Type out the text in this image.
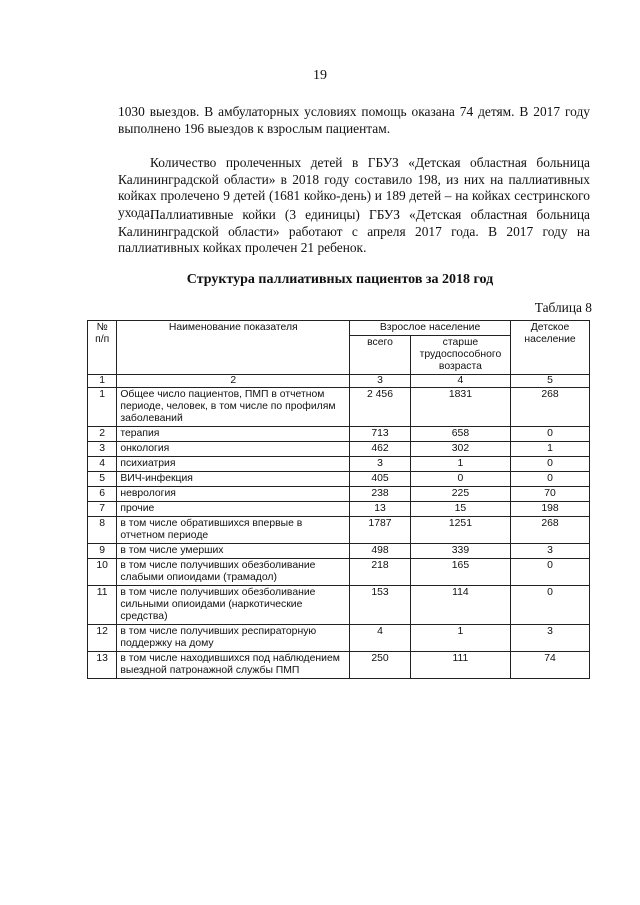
19

1030 выездов. В амбулаторных условиях помощь оказана 74 детям. В 2017 году выполнено 196 выездов к взрослым пациентам.

Количество пролеченных детей в ГБУЗ «Детская областная больница Калининградской области» в 2018 году составило 198, из них на паллиативных койках пролечено 9 детей (1681 койко-день) и 189 детей – на койках сестринского ухода.

Паллиативные койки (3 единицы) ГБУЗ «Детская областная больница Калининградской области» работают с апреля 2017 года. В 2017 году на паллиативных койках пролечен 21 ребенок.

Структура паллиативных пациентов за 2018 год
Таблица 8
№ п/п	Наименование показателя	Взрослое население		Детское население
		всего	старше трудоспособного возраста	
1	2	3	4	5
1	Общее число пациентов, ПМП в отчетном периоде, человек, в том числе по профилям заболеваний	2 456	1831	268
2	терапия	713	658	0
3	онкология	462	302	1
4	психиатрия	3	1	0
5	ВИЧ-инфекция	405	0	0
6	неврология	238	225	70
7	прочие	13	15	198
8	в том числе обратившихся впервые в отчетном периоде	1787	1251	268
9	в том числе умерших	498	339	3
10	в том числе получивших обезболивание слабыми опиоидами (трамадол)	218	165	0
11	в том числе получивших обезболивание сильными опиоидами (наркотические средства)	153	114	0
12	в том числе получивших респираторную поддержку на дому	4	1	3
13	в том числе находившихся под наблюдением выездной патронажной службы ПМП	250	111	74
